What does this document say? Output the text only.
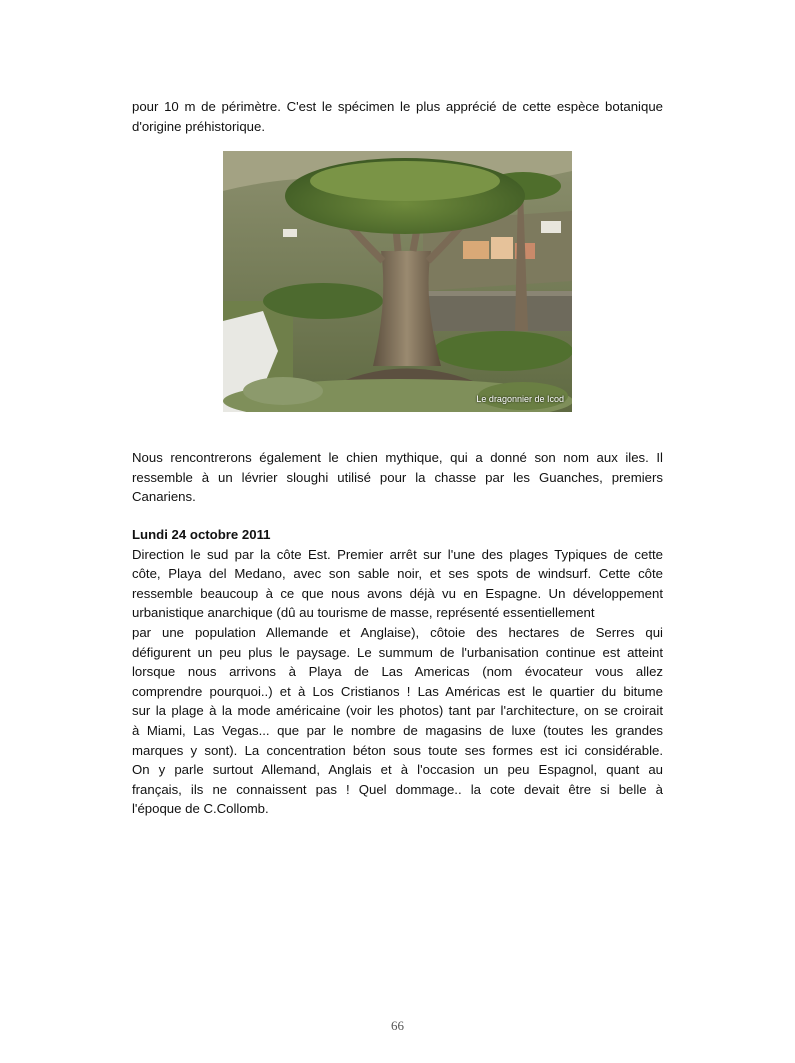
pour 10 m de périmètre. C'est le spécimen le plus apprécié de cette espèce botanique
d'origine préhistorique.

Le dragonnier de Icod

Nous rencontrerons également le chien mythique, qui a donné son nom aux iles. Il
ressemble à un lévrier sloughi utilisé pour la chasse par les Guanches, premiers
Canariens.

Lundi 24 octobre 2011
Direction le sud par la côte Est. Premier arrêt sur l'une des plages Typiques de cette
côte, Playa del Medano, avec son sable noir, et ses spots de windsurf. Cette côte
ressemble beaucoup à ce que nous avons déjà vu en Espagne. Un développement
urbanistique anarchique (dû au tourisme de masse, représenté essentiellement
par une population Allemande et Anglaise), côtoie des hectares de Serres qui
défigurent un peu plus le paysage. Le summum de l'urbanisation continue est atteint
lorsque nous arrivons à Playa de Las Americas (nom évocateur vous allez
comprendre pourquoi..) et à Los Cristianos ! Las Américas est le quartier du bitume
sur la plage à la mode américaine (voir les photos) tant par l'architecture, on se croirait
à Miami, Las Vegas... que par le nombre de magasins de luxe (toutes les grandes
marques y sont). La concentration béton sous toute ses formes est ici considérable.
On y parle surtout Allemand, Anglais et à l'occasion un peu Espagnol, quant au
français, ils ne connaissent pas ! Quel dommage.. la cote devait être si belle à
l'époque de C.Collomb.
66
